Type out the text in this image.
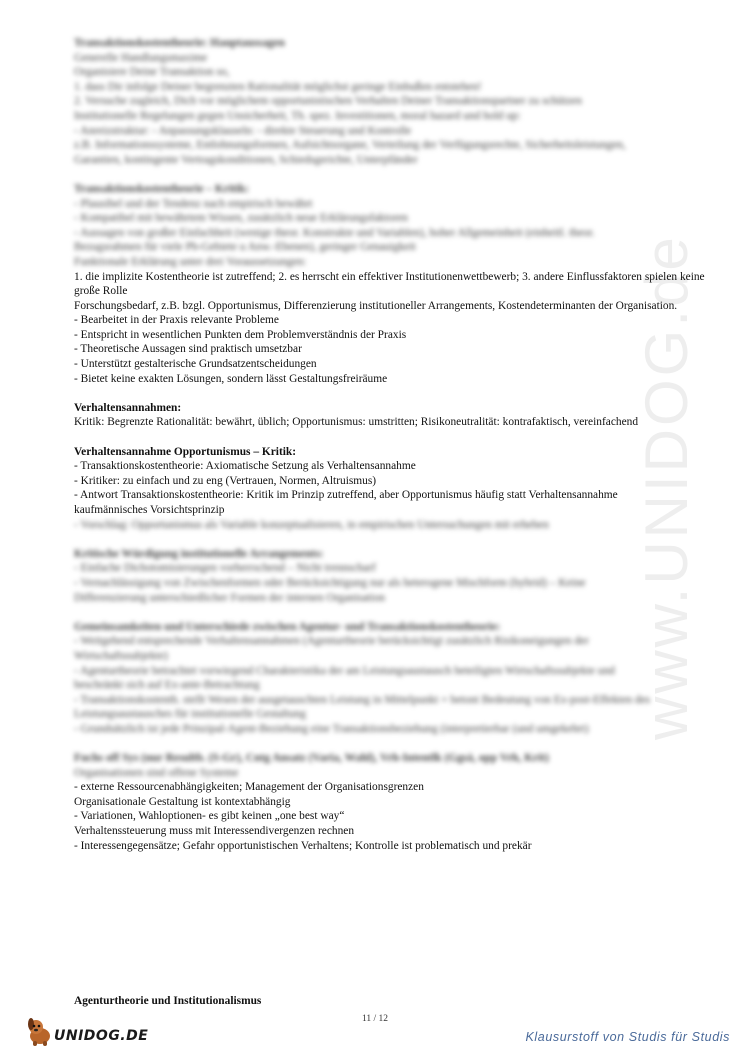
www.UNIDOG.de
Transaktionskostentheorie: Hauptaussagen
Generelle Handlungsmaxime
Organisiere Deine Transaktion so,
1. dass Dir infolge Deiner begrenzten Rationalität möglichst geringe Einbußen entstehen!
2. Versuche zugleich, Dich vor möglichem opportunistischen Verhalten Deiner Transaktionspartner zu schützen
Institutionelle Regelungen gegen Unsicherheit, Th. spez. Investitionen, moral hazard und hold up:
- Anreizstruktur: - Anpassungsklauseln: - direkte Steuerung und Kontrolle
z.B. Informationssysteme, Entlohnungsformen, Aufsichtsorgane, Verteilung der Verfügungsrechte, Sicherheitsleistungen,
Garantien, kontingente Vertragskonditionen, Schiedsgerichte, Unterpfänder
Transaktionskostentheorie – Kritik:
- Plausibel und der Tendenz nach empirisch bewährt
- Kompatibel mit bewährtem Wissen, zusätzlich neue Erklärungsfaktoren
- Aussagen von großer Einfachheit (wenige theor. Konstrukte und Variablen), hoher Allgemeinheit (einheitl. theor.
Bezugsrahmen für viele Pb-Gebiete u Anw.-Ebenen), geringer Genauigkeit
Funktionale Erklärung unter drei Voraussetzungen:
1. die implizite Kostentheorie ist zutreffend; 2. es herrscht ein effektiver Institutionenwettbewerb; 3. andere Einflussfaktoren spielen keine große Rolle
Forschungsbedarf, z.B. bzgl. Opportunismus, Differenzierung institutioneller Arrangements, Kostendeterminanten der Organisation.
- Bearbeitet in der Praxis relevante Probleme
- Entspricht in wesentlichen Punkten dem Problemverständnis der Praxis
- Theoretische Aussagen sind praktisch umsetzbar
- Unterstützt gestalterische Grundsatzentscheidungen
- Bietet keine exakten Lösungen, sondern lässt Gestaltungsfreiräume
Verhaltensannahmen:
Kritik: Begrenzte Rationalität: bewährt, üblich; Opportunismus: umstritten; Risikoneutralität: kontrafaktisch, vereinfachend
Verhaltensannahme Opportunismus – Kritik:
- Transaktionskostentheorie: Axiomatische Setzung als Verhaltensannahme
- Kritiker: zu einfach und zu eng (Vertrauen, Normen, Altruismus)
- Antwort Transaktionskostentheorie: Kritik im Prinzip zutreffend, aber Opportunismus häufig statt Verhaltensannahme
kaufmännisches Vorsichtsprinzip
- Vorschlag: Opportunismus als Variable konzeptualisieren, in empirischen Untersuchungen mit erheben
Kritische Würdigung institutionelle Arrangements:
- Einfache Dichotomisierungen vorherrschend – Nicht trennscharf
- Vernachlässigung von Zwischenformen oder Berücksichtigung nur als heterogene Mischform (hybrid) – Keine
Differenzierung unterschiedlicher Formen der internen Organisation
Gemeinsamkeiten und Unterschiede zwischen Agentur- und Transaktionskostentheorie:
- Weitgehend entsprechende Verhaltensannahmen (Agenturtheorie berücksichtigt zusätzlich Risikoneigungen der
Wirtschaftssubjekte)
- Agenturtheorie betrachtet vorwiegend Charakteristika der am Leistungsaustausch beteiligten Wirtschaftssubjekte und
beschränkt sich auf Ex-ante-Betrachtung
- Transaktionskostenth. stellt Wesen der ausgetauschten Leistung in Mittelpunkt + betont Bedeutung von Ex-post-Effekten des
Leistungsaustausches für institutionelle Gestaltung
- Grundsätzlich ist jede Prinzipal-Agent-Beziehung eine Transaktionsbeziehung (interpretierbar (und umgekehrt)
Fuchs off Sys (nur Resultb. (S-Gr), Cntg Ansatz (Varia, Wahl), Vrh-Intentlk (Ggsä, opp Vrh, Krit)
Organisationen sind offene Systeme
- externe Ressourcenabhängigkeiten; Management der Organisationsgrenzen
Organisationale Gestaltung ist kontextabhängig
- Variationen, Wahloptionen- es gibt keinen „one best way“
Verhaltenssteuerung muss mit Interessendivergenzen rechnen
- Interessengegensätze; Gefahr opportunistischen Verhaltens; Kontrolle ist problematisch und prekär
Agenturtheorie und Institutionalismus
11 / 12
UNIDOG.DE	Klausurstoff von Studis für Studis
